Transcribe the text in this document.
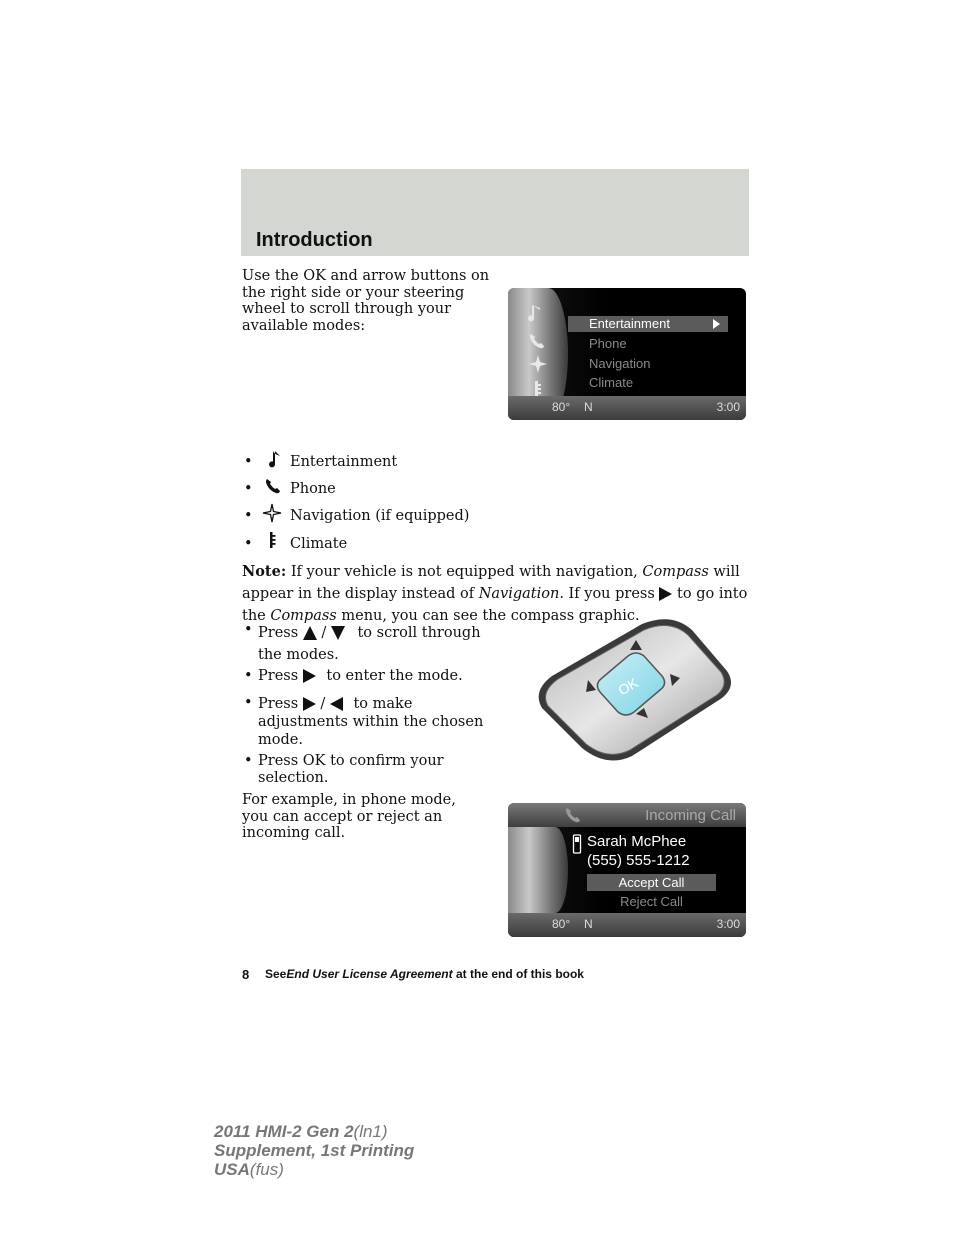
Introduction
Use the OK and arrow buttons on the right side or your steering wheel to scroll through your available modes:	Entertainment
Phone
Navigation
Climate
80° N	3:00
•	Entertainment
•	Phone
•	Navigation (if equipped)
•	Climate
Note: If your vehicle is not equipped with navigation, Compass will appear in the display instead of Navigation. If you press to go into the Compass menu, you can see the compass graphic.
• Press / to scroll through the modes.
• Press to enter the mode.
• Press / to make adjustments within the chosen mode.
• Press OK to confirm your selection.
OK
For example, in phone mode, you can accept or reject an incoming call.
Incoming Call
Sarah McPhee
(555) 555-1212
Accept Call
Reject Call
80° N	3:00
8 SeeEnd User License Agreement at the end of this book
2011 HMI-2 Gen 2(ln1)
Supplement, 1st Printing
USA(fus)
